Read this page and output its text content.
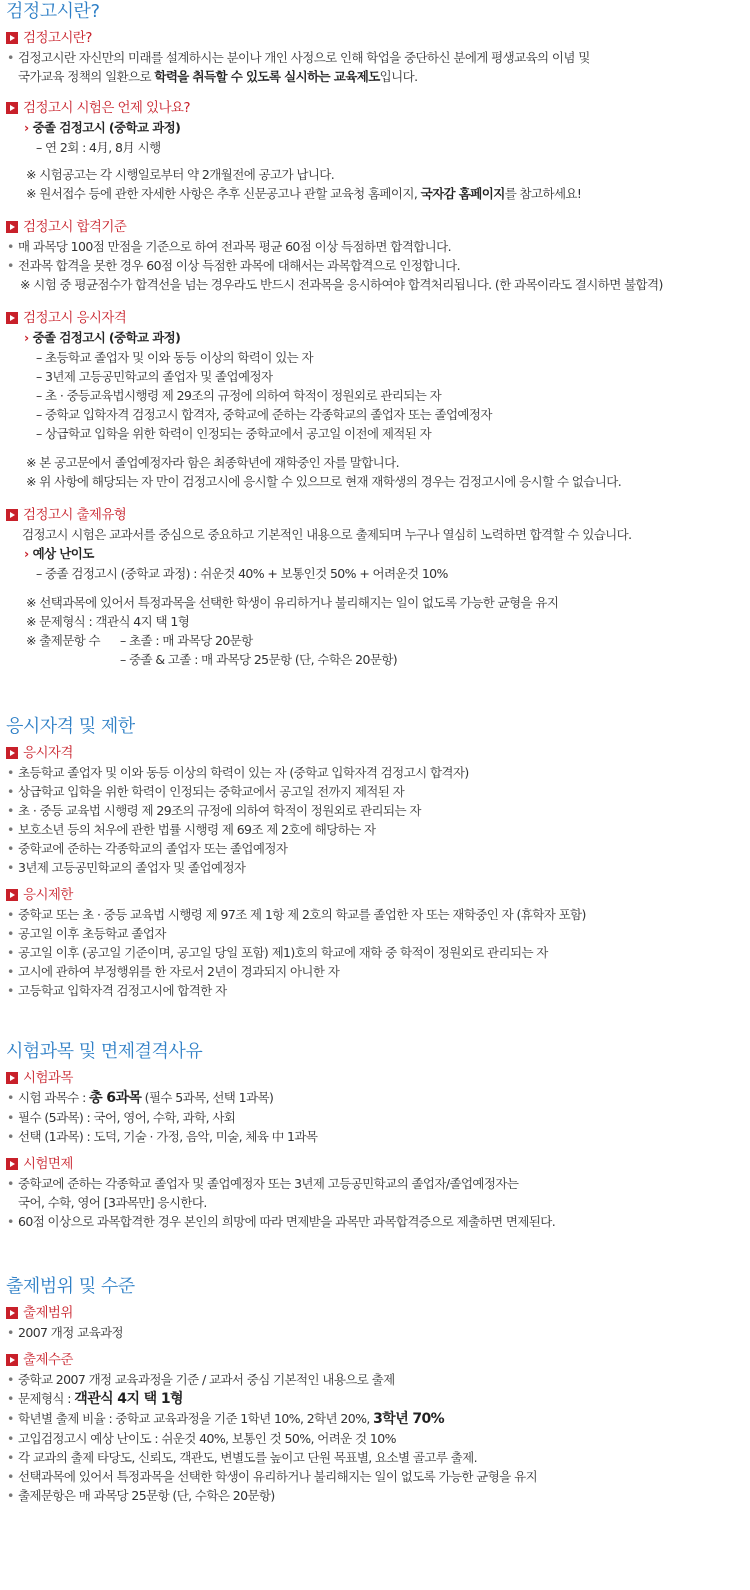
검정고시란?
검정고시란?

• 검정고시란 자신만의 미래를 설계하시는 분이나 개인 사정으로 인해 학업을 중단하신 분에게 평생교육의 이념 및

국가교육 정책의 일환으로 학력을 취득할 수 있도록 실시하는 교육제도입니다.

검정고시 시험은 언제 있나요?
› 중졸 검정고시 (중학교 과정)

– 연 2회 : 4月, 8月 시행

※ 시험공고는 각 시행일로부터 약 2개월전에 공고가 납니다.

※ 원서접수 등에 관한 자세한 사항은 추후 신문공고나 관할 교육청 홈페이지, 국자감 홈페이지를 참고하세요!

검정고시 합격기준

• 매 과목당 100점 만점을 기준으로 하여 전과목 평균 60점 이상 득점하면 합격합니다.

• 전과목 합격을 못한 경우 60점 이상 득점한 과목에 대해서는 과목합격으로 인정합니다.

※ 시험 중 평균점수가 합격선을 넘는 경우라도 반드시 전과목을 응시하여야 합격처리됩니다. (한 과목이라도 결시하면 불합격)

검정고시 응시자격
› 중졸 검정고시 (중학교 과정)

– 초등학교 졸업자 및 이와 동등 이상의 학력이 있는 자

– 3년제 고등공민학교의 졸업자 및 졸업예정자

– 초 · 중등교육법시행령 제 29조의 규정에 의하여 학적이 정원외로 관리되는 자

– 중학교 입학자격 검정고시 합격자, 중학교에 준하는 각종학교의 졸업자 또는 졸업예정자

– 상급학교 입학을 위한 학력이 인정되는 중학교에서 공고일 이전에 제적된 자

※ 본 공고문에서 졸업예정자라 함은 최종학년에 재학중인 자를 말합니다.

※ 위 사항에 해당되는 자 만이 검정고시에 응시할 수 있으므로 현재 재학생의 경우는 검정고시에 응시할 수 없습니다.

검정고시 출제유형

검정고시 시험은 교과서를 중심으로 중요하고 기본적인 내용으로 출제되며 누구나 열심히 노력하면 합격할 수 있습니다.

› 예상 난이도

– 중졸 검정고시 (중학교 과정) : 쉬운것 40% + 보통인것 50% + 어려운것 10%

※ 선택과목에 있어서 특정과목을 선택한 학생이 유리하거나 불리해지는 일이 없도록 가능한 균형을 유지

※ 문제형식 : 객관식 4지 택 1형

※ 출제문항 수	– 초졸 : 매 과목당 20문항

– 중졸 & 고졸 : 매 과목당 25문항 (단, 수학은 20문항)

응시자격 및 제한
응시자격

• 초등학교 졸업자 및 이와 동등 이상의 학력이 있는 자 (중학교 입학자격 검정고시 합격자)

• 상급학교 입학을 위한 학력이 인정되는 중학교에서 공고일 전까지 제적된 자

• 초 · 중등 교육법 시행령 제 29조의 규정에 의하여 학적이 정원외로 관리되는 자

• 보호소년 등의 처우에 관한 법률 시행령 제 69조 제 2호에 해당하는 자

• 중학교에 준하는 각종학교의 졸업자 또는 졸업예정자

• 3년제 고등공민학교의 졸업자 및 졸업예정자

응시제한

• 중학교 또는 초 · 중등 교육법 시행령 제 97조 제 1항 제 2호의 학교를 졸업한 자 또는 재학중인 자 (휴학자 포함)

• 공고일 이후 초등학교 졸업자

• 공고일 이후 (공고일 기준이며, 공고일 당일 포함) 제1)호의 학교에 재학 중 학적이 정원외로 관리되는 자

• 고시에 관하여 부정행위를 한 자로서 2년이 경과되지 아니한 자

• 고등학교 입학자격 검정고시에 합격한 자

시험과목 및 면제결격사유
시험과목

• 시험 과목수 : 총 6과목 (필수 5과목, 선택 1과목)

• 필수 (5과목) : 국어, 영어, 수학, 과학, 사회

• 선택 (1과목) : 도덕, 기술 · 가정, 음악, 미술, 체육 中 1과목

시험면제

• 중학교에 준하는 각종학교 졸업자 및 졸업예정자 또는 3년제 고등공민학교의 졸업자/졸업예정자는

국어, 수학, 영어 [3과목만] 응시한다.

• 60점 이상으로 과목합격한 경우 본인의 희망에 따라 면제받을 과목만 과목합격증으로 제출하면 면제된다.

출제범위 및 수준
출제범위

• 2007 개정 교육과정

출제수준

• 중학교 2007 개정 교육과정을 기준 / 교과서 중심 기본적인 내용으로 출제

• 문제형식 : 객관식 4지 택 1형

• 학년별 출제 비율 : 중학교 교육과정을 기준 1학년 10%, 2학년 20%, 3학년 70%

• 고입검정고시 예상 난이도 : 쉬운것 40%, 보통인 것 50%, 어려운 것 10%

• 각 교과의 출제 타당도, 신뢰도, 객관도, 변별도를 높이고 단원 목표별, 요소별 골고루 출제.

• 선택과목에 있어서 특정과목을 선택한 학생이 유리하거나 불리해지는 일이 없도록 가능한 균형을 유지

• 출제문항은 매 과목당 25문항 (단, 수학은 20문항)
